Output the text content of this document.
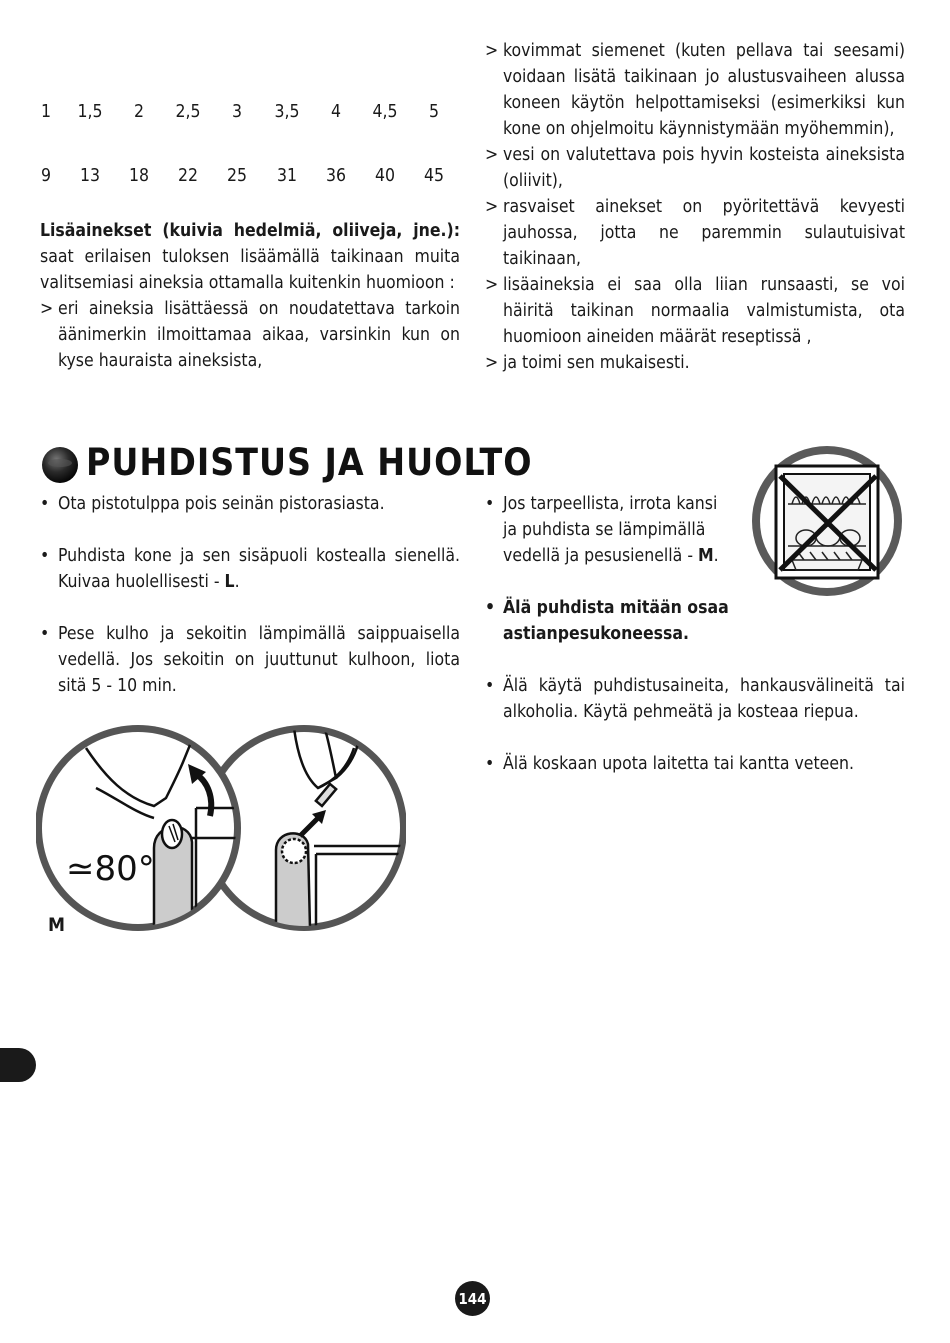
1 1,5 2 2,5 3 3,5 4 4,5 5
9 13 18 22 25 31 36 40 45

Lisäainekset (kuivia hedelmiä, oliiveja, jne.): saat erilaisen tuloksen lisäämällä taikinaan muita valitsemiasi aineksia ottamalla kuitenkin huomioon :

> eri aineksia lisättäessä on noudatettava tarkoin äänimerkin ilmoittamaa aikaa, varsinkin kun on kyse hauraista aineksista,
> kovimmat siemenet (kuten pellava tai seesami) voidaan lisätä taikinaan jo alustusvaiheen alussa koneen käytön helpottamiseksi (esimerkiksi kun kone on ohjelmoitu käynnistymään myöhemmin),
> vesi on valutettava pois hyvin kosteista aineksista (oliivit),
> rasvaiset ainekset on pyöritettävä kevyesti jauhossa, jotta ne paremmin sulautuisivat taikinaan,
> lisäaineksia ei saa olla liian runsaasti, se voi häiritä taikinan normaalia valmistumista, ota huomioon aineiden määrät reseptissä ,
> ja toimi sen mukaisesti.
PUHDISTUS JA HUOLTO
• Ota pistotulppa pois seinän pistorasiasta.
• Puhdista kone ja sen sisäpuoli kostealla sienellä. Kuivaa huolellisesti - L.
• Pese kulho ja sekoitin lämpimällä saippuaisella vedellä. Jos sekoitin on juuttunut kulhoon, liota sitä 5 - 10 min.
• Jos tarpeellista, irrota kansi ja puhdista se lämpimällä vedellä ja pesusienellä - M.
• Älä puhdista mitään osaa astianpesukoneessa.
• Älä käytä puhdistusaineita, hankausvälineitä tai alkoholia. Käytä pehmeätä ja kosteaa riepua.
• Älä koskaan upota laitetta tai kantta veteen.
≃80°
M
144
